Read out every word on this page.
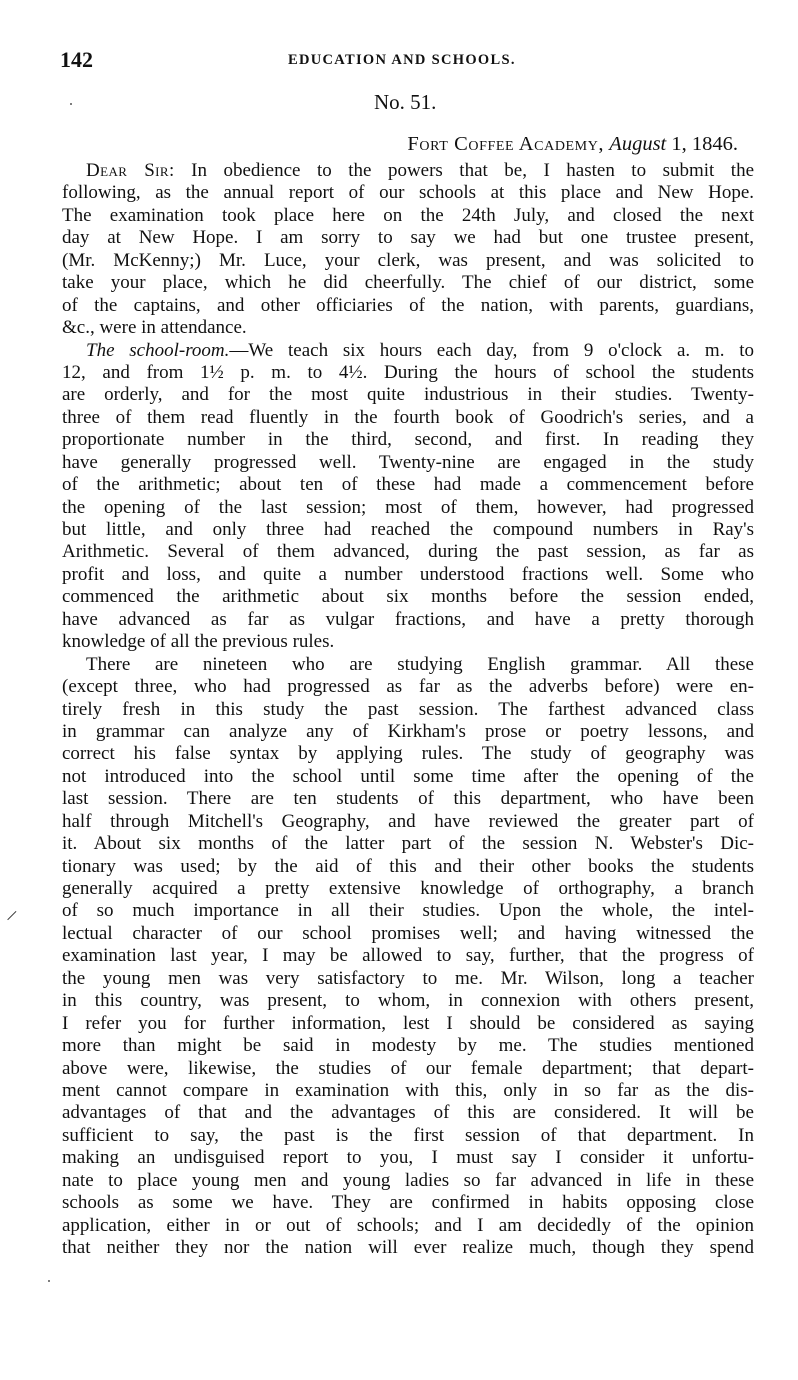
142	EDUCATION AND SCHOOLS.
No. 51.
Fort Coffee Academy, August 1, 1846.
Dear Sir: In obedience to the powers that be, I hasten to submit the
following, as the annual report of our schools at this place and New Hope.
The examination took place here on the 24th July, and closed the next
day at New Hope. I am sorry to say we had but one trustee present,
(Mr. McKenny;) Mr. Luce, your clerk, was present, and was solicited to
take your place, which he did cheerfully. The chief of our district, some
of the captains, and other officiaries of the nation, with parents, guardians,
&c., were in attendance.
The school-room.—We teach six hours each day, from 9 o'clock a. m. to
12, and from 1½ p. m. to 4½. During the hours of school the students
are orderly, and for the most quite industrious in their studies. Twenty-
three of them read fluently in the fourth book of Goodrich's series, and a
proportionate number in the third, second, and first. In reading they
have generally progressed well. Twenty-nine are engaged in the study
of the arithmetic; about ten of these had made a commencement before
the opening of the last session; most of them, however, had progressed
but little, and only three had reached the compound numbers in Ray's
Arithmetic. Several of them advanced, during the past session, as far as
profit and loss, and quite a number understood fractions well. Some who
commenced the arithmetic about six months before the session ended,
have advanced as far as vulgar fractions, and have a pretty thorough
knowledge of all the previous rules.
There are nineteen who are studying English grammar. All these
(except three, who had progressed as far as the adverbs before) were en-
tirely fresh in this study the past session. The farthest advanced class
in grammar can analyze any of Kirkham's prose or poetry lessons, and
correct his false syntax by applying rules. The study of geography was
not introduced into the school until some time after the opening of the
last session. There are ten students of this department, who have been
half through Mitchell's Geography, and have reviewed the greater part of
it. About six months of the latter part of the session N. Webster's Dic-
tionary was used; by the aid of this and their other books the students
generally acquired a pretty extensive knowledge of orthography, a branch
of so much importance in all their studies. Upon the whole, the intel-
lectual character of our school promises well; and having witnessed the
examination last year, I may be allowed to say, further, that the progress of
the young men was very satisfactory to me. Mr. Wilson, long a teacher
in this country, was present, to whom, in connexion with others present,
I refer you for further information, lest I should be considered as saying
more than might be said in modesty by me. The studies mentioned
above were, likewise, the studies of our female department; that depart-
ment cannot compare in examination with this, only in so far as the dis-
advantages of that and the advantages of this are considered. It will be
sufficient to say, the past is the first session of that department. In
making an undisguised report to you, I must say I consider it unfortu-
nate to place young men and young ladies so far advanced in life in these
schools as some we have. They are confirmed in habits opposing close
application, either in or out of schools; and I am decidedly of the opinion
that neither they nor the nation will ever realize much, though they spend
